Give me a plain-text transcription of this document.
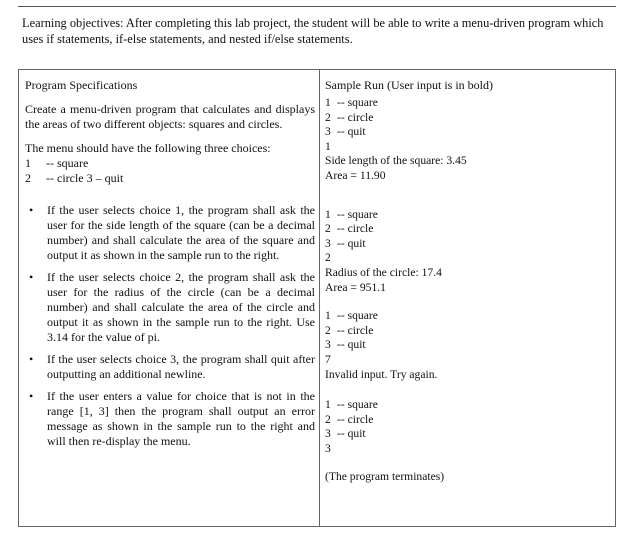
Learning objectives: After completing this lab project, the student will be able to write a menu-driven program which uses if statements, if-else statements, and nested if/else statements.
Program Specifications
Create a menu-driven program that calculates and displays the areas of two different objects: squares and circles.
The menu should have the following three choices:
1	-- square
2	-- circle 3 – quit
• If the user selects choice 1, the program shall ask the user for the side length of the square (can be a decimal number) and shall calculate the area of the square and output it as shown in the sample run to the right.
• If the user selects choice 2, the program shall ask the user for the radius of the circle (can be a decimal number) and shall calculate the area of the circle and output it as shown in the sample run to the right. Use 3.14 for the value of pi.
• If the user selects choice 3, the program shall quit after outputting an additional newline.
• If the user enters a value for choice that is not in the range [1, 3] then the program shall output an error message as shown in the sample run to the right and will then re-display the menu.
Sample Run (User input is in bold)
1 -- square
2 -- circle
3 -- quit
1
Side length of the square: 3.45
Area = 11.90
1 -- square
2 -- circle
3 -- quit
2
Radius of the circle: 17.4
Area = 951.1
1 -- square
2 -- circle
3 -- quit
7
Invalid input. Try again.
1 -- square
2 -- circle
3 -- quit
3
(The program terminates)
